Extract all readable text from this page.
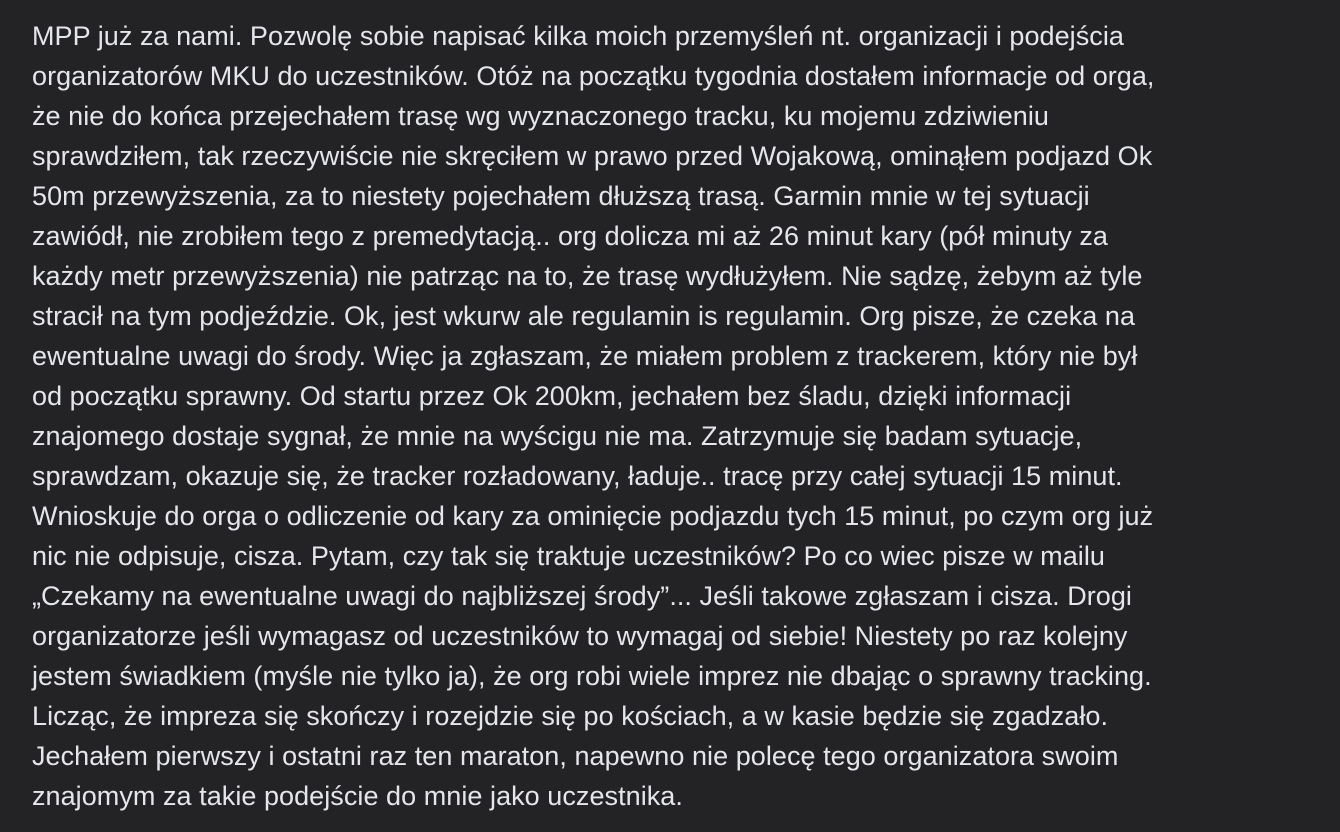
MPP już za nami. Pozwolę sobie napisać kilka moich przemyśleń nt. organizacji i podejścia
organizatorów MKU do uczestników. Otóż na początku tygodnia dostałem informacje od orga,
że nie do końca przejechałem trasę wg wyznaczonego tracku, ku mojemu zdziwieniu
sprawdziłem, tak rzeczywiście nie skręciłem w prawo przed Wojakową, ominąłem podjazd Ok
50m przewyższenia, za to niestety pojechałem dłuższą trasą. Garmin mnie w tej sytuacji
zawiódł, nie zrobiłem tego z premedytacją.. org dolicza mi aż 26 minut kary (pół minuty za
każdy metr przewyższenia) nie patrząc na to, że trasę wydłużyłem. Nie sądzę, żebym aż tyle
stracił na tym podjeździe. Ok, jest wkurw ale regulamin is regulamin. Org pisze, że czeka na
ewentualne uwagi do środy. Więc ja zgłaszam, że miałem problem z trackerem, który nie był
od początku sprawny. Od startu przez Ok 200km, jechałem bez śladu, dzięki informacji
znajomego dostaje sygnał, że mnie na wyścigu nie ma. Zatrzymuje się badam sytuacje,
sprawdzam, okazuje się, że tracker rozładowany, ładuje.. tracę przy całej sytuacji 15 minut.
Wnioskuje do orga o odliczenie od kary za ominięcie podjazdu tych 15 minut, po czym org już
nic nie odpisuje, cisza. Pytam, czy tak się traktuje uczestników? Po co wiec pisze w mailu
„Czekamy na ewentualne uwagi do najbliższej środy”... Jeśli takowe zgłaszam i cisza. Drogi
organizatorze jeśli wymagasz od uczestników to wymagaj od siebie! Niestety po raz kolejny
jestem świadkiem (myśle nie tylko ja), że org robi wiele imprez nie dbając o sprawny tracking.
Licząc, że impreza się skończy i rozejdzie się po kościach, a w kasie będzie się zgadzało.
Jechałem pierwszy i ostatni raz ten maraton, napewno nie polecę tego organizatora swoim
znajomym za takie podejście do mnie jako uczestnika.
